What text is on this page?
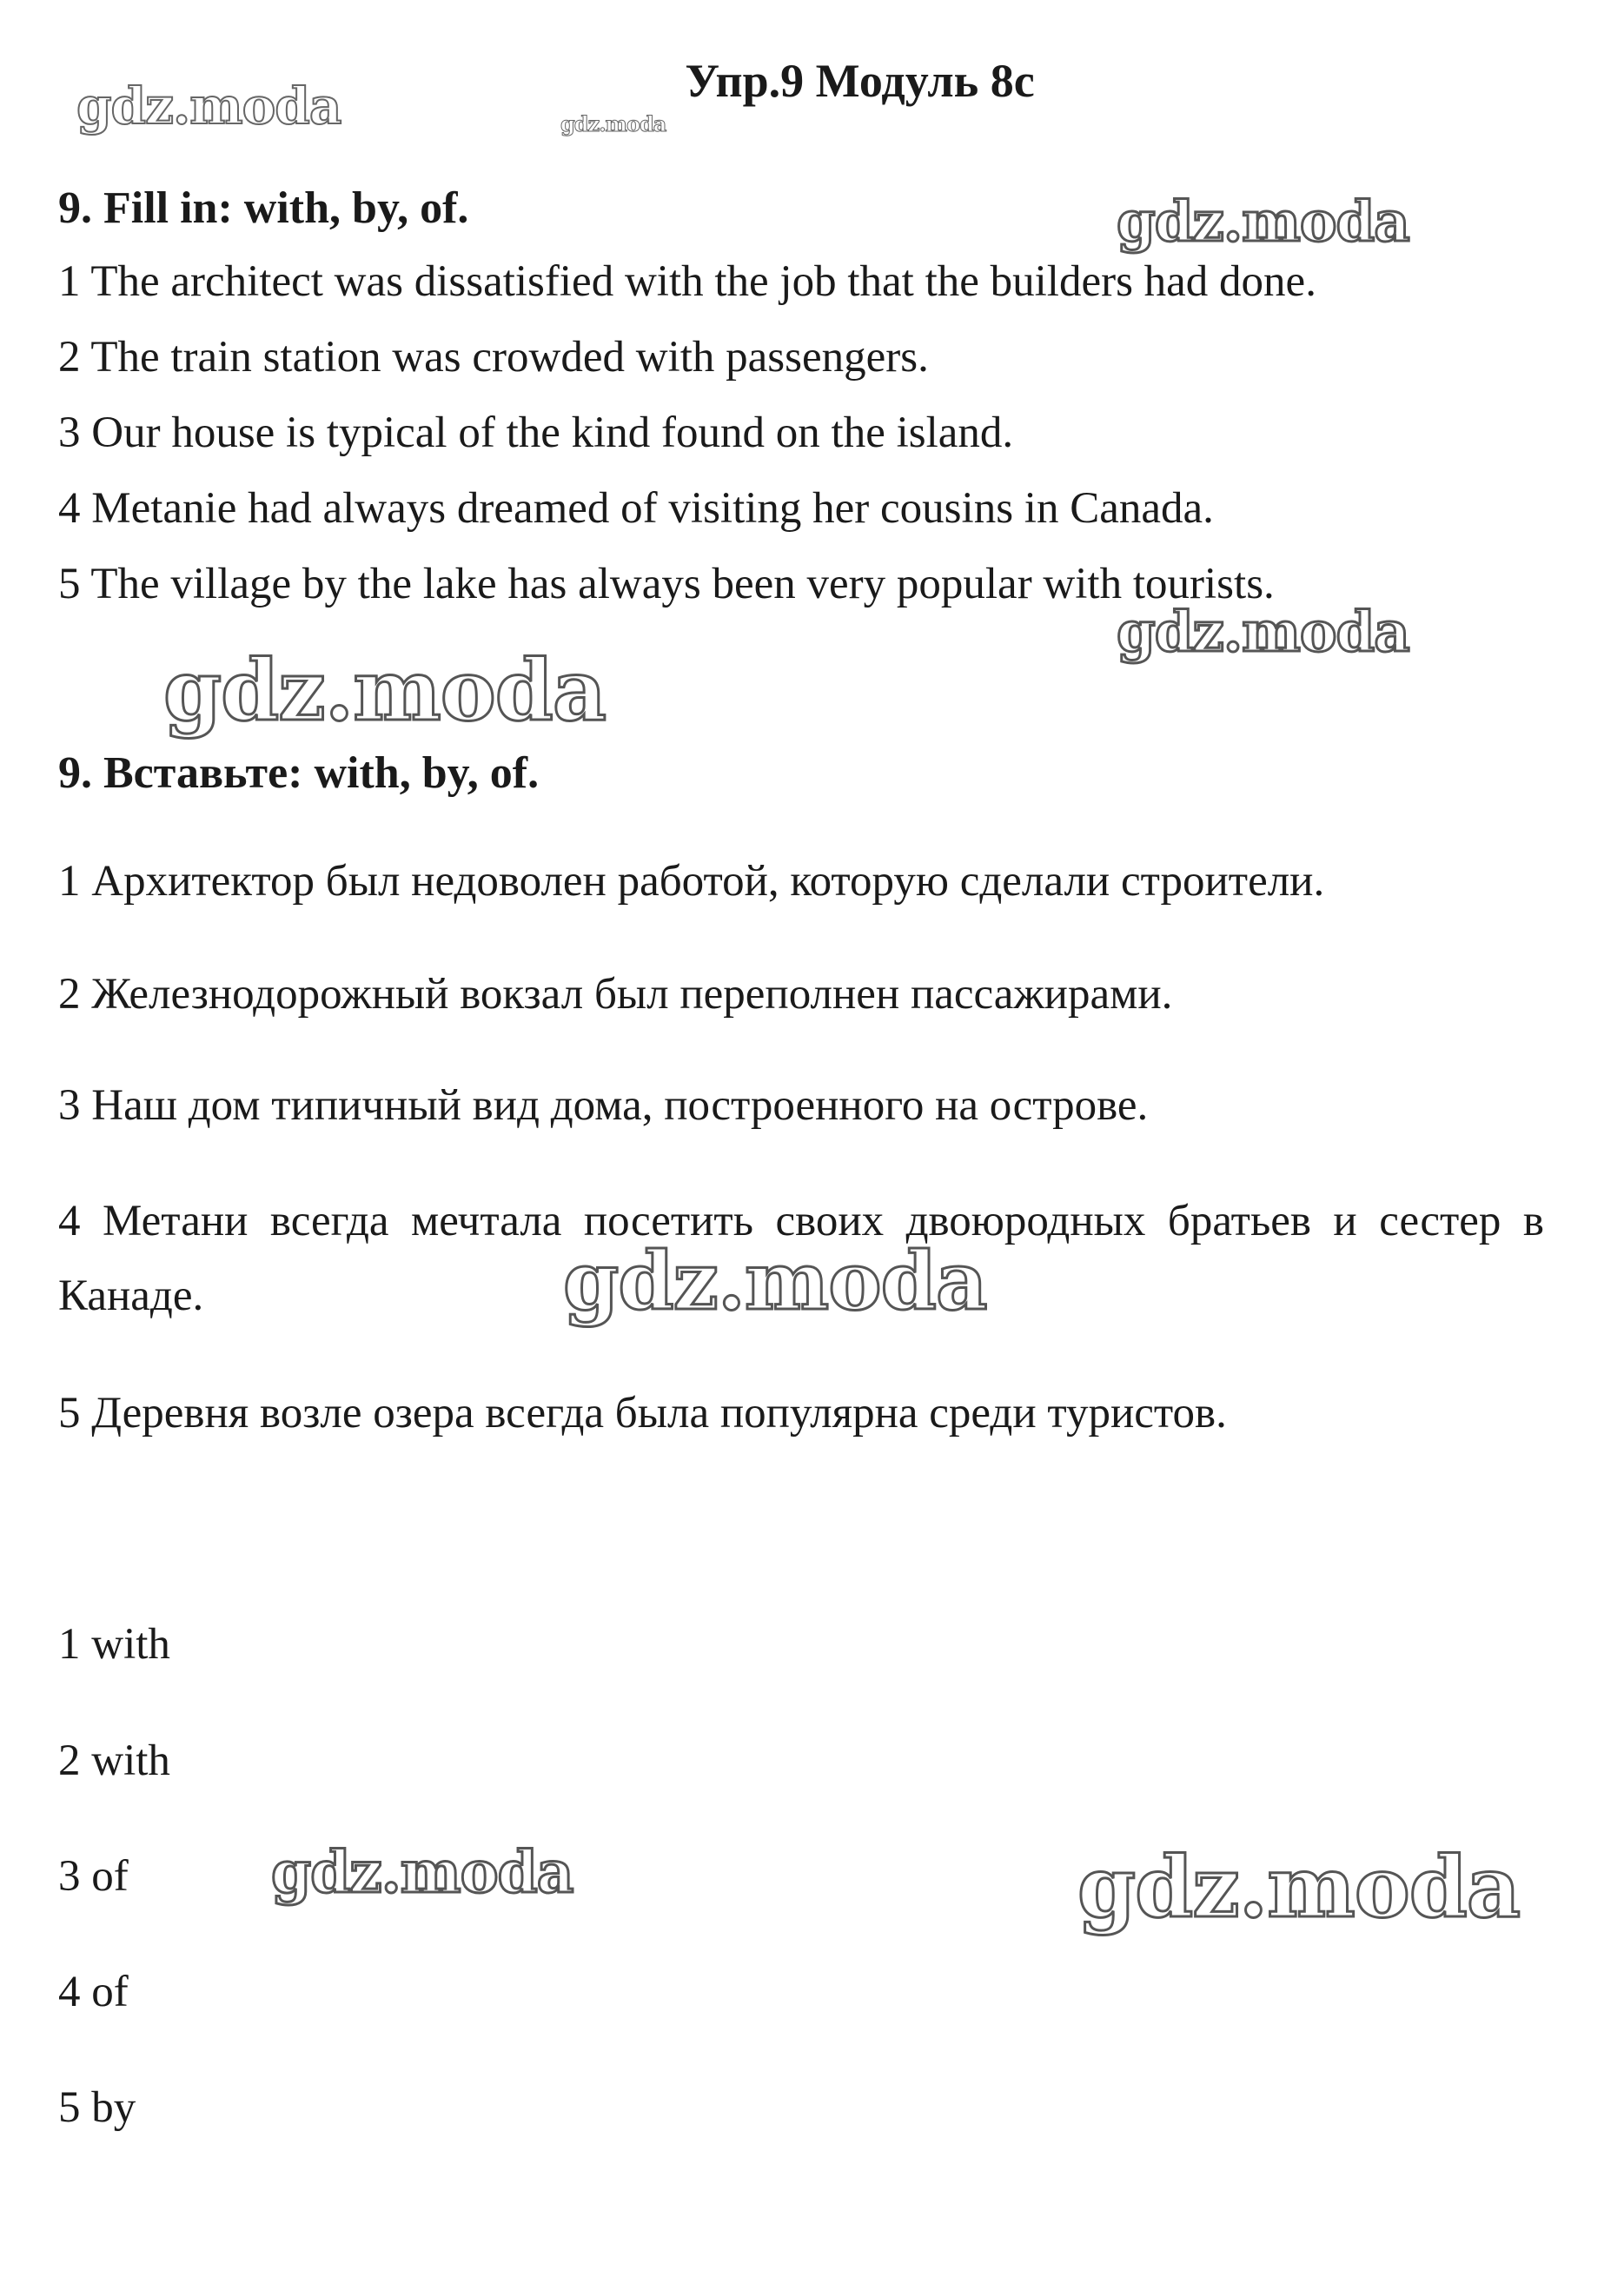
Упр.9 Модуль 8с
gdz.moda	gdz.moda
gdz.moda
gdz.moda
gdz.moda
gdz.moda
gdz.moda	gdz.moda
9. Fill in: with, by, of.
1 The architect was dissatisfied with the job that the builders had done.
2 The train station was crowded with passengers.
3 Our house is typical of the kind found on the island.
4 Metanie had always dreamed of visiting her cousins in Canada.
5 The village by the lake has always been very popular with tourists.
9. Вставьте: with, by, of.
1 Архитектор был недоволен работой, которую сделали строители.
2 Железнодорожный вокзал был переполнен пассажирами.
3 Наш дом типичный вид дома, построенного на острове.
4 Метани всегда мечтала посетить своих двоюродных братьев и сестер в Канаде.
5 Деревня возле озера всегда была популярна среди туристов.
1 with
2 with
3 of
4 of
5 by
